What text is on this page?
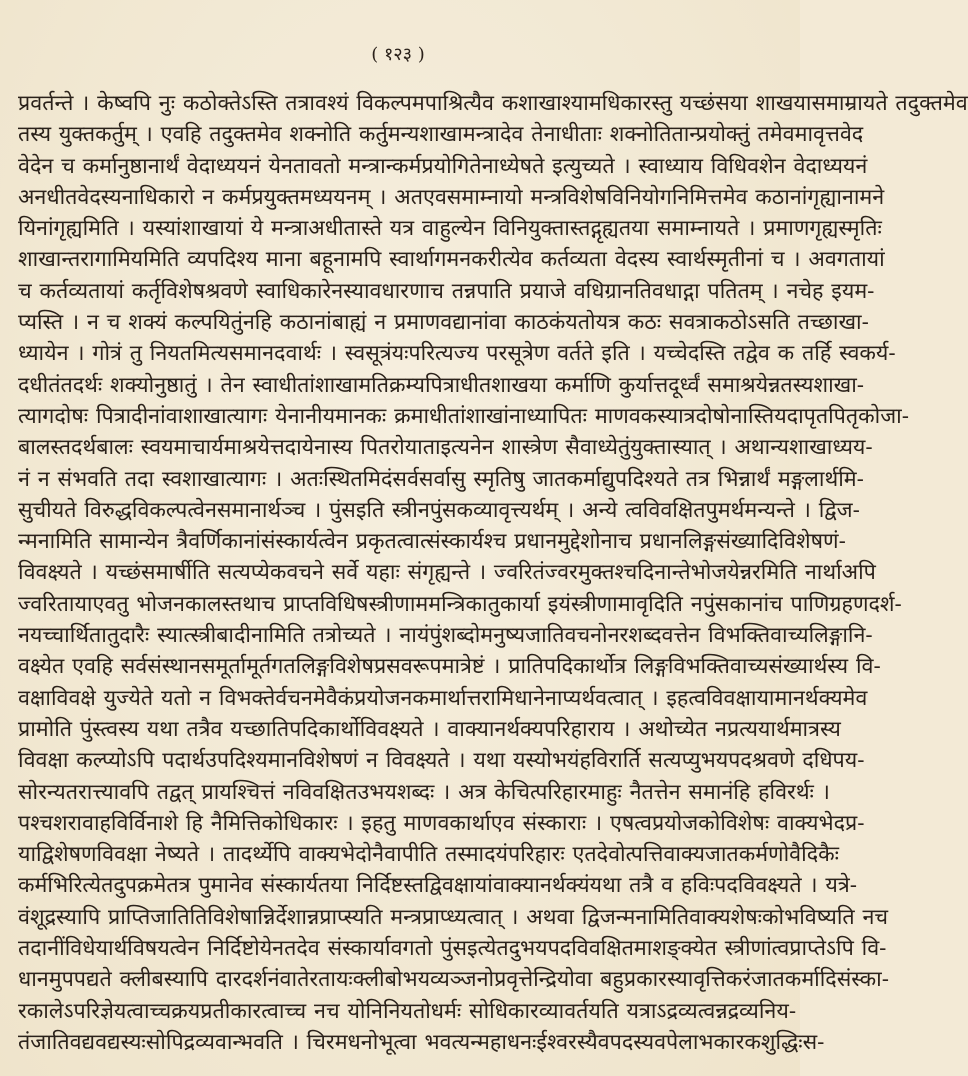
( १२३ )
प्रवर्तन्ते । केष्वपि नुः कठोक्तेऽस्ति तत्रावश्यं विकल्पमपाश्रित्यैव कशाखाश्यामधिकारस्तु यच्छंसया शाखयासमाम्रायते तदुक्तमेव
तस्य युक्तकर्तुम् । एवहि तदुक्तमेव शक्नोति कर्तुमन्यशाखामन्त्रादेव तेनाधीताः शक्नोतितान्प्रयोक्तुं तमेवमावृत्तवेद
वेदेन च कर्मानुष्ठानार्थं वेदाध्ययनं येनतावतो मन्त्रान्कर्मप्रयोगितेनाध्येषते इत्युच्यते । स्वाध्याय विधिवशेन वेदाध्ययनं
अनधीतवेदस्यनाधिकारो न कर्मप्रयुक्तमध्ययनम् । अतएवसमाम्नायो मन्त्रविशेषविनियोगनिमित्तमेव कठानांगृह्यानामने
यिनांगृह्यमिति । यस्यांशाखायां ये मन्त्राअधीतास्ते यत्र वाहुल्येन विनियुक्तास्तद्गृह्यतया समाम्नायते । प्रमाणगृह्यस्मृतिः
शाखान्तरागामियमिति व्यपदिश्य माना बहूनामपि स्वार्थागमनकरीत्येव कर्तव्यता वेदस्य स्वार्थस्मृतीनां च । अवगतायां
च कर्तव्यतायां कर्तृविशेषश्रवणे स्वाधिकारेनस्यावधारणाच तन्नपाति प्रयाजे वधिग्रानतिवधाद्गा पतितम् । नचेह इयम-
प्यस्ति । न च शक्यं कल्पयितुंनहि कठानांबाह्यं न प्रमाणवद्यानांवा काठकंयतोयत्र कठः सवत्राकठोऽसति तच्छाखा-
ध्यायेन । गोत्रं तु नियतमित्यसमानदवार्थः । स्वसूत्रंयःपरित्यज्य परसूत्रेण वर्तते इति । यच्चेदस्ति तद्वेव क तर्हि स्वकर्य-
दधीतंतदर्थः शक्योनुष्ठातुं । तेन स्वाधीतांशाखामतिक्रम्यपित्राधीतशाखया कर्माणि कुर्यात्तदूर्ध्वं समाश्रयेन्नतस्यशाखा-
त्यागदोषः पित्रादीनांवाशाखात्यागः येनानीयमानकः क्रमाधीतांशाखांनाध्यापितः माणवकस्यात्रदोषोनास्तियदापृतपितृकोजा-
बालस्तदर्थबालः स्वयमाचार्यमाश्रयेत्तदायेनास्य पितरोयाताइत्यनेन शास्त्रेण सैवाध्येतुंयुक्तास्यात् । अथान्यशाखाध्यय-
नं न संभवति तदा स्वशाखात्यागः । अतःस्थितमिदंसर्वसर्वासु स्मृतिषु जातकर्माद्युपदिश्यते तत्र भिन्नार्थं मङ्गलार्थमि-
सुचीयते विरुद्धविकल्पत्वेनसमानार्थञ्च । पुंसइति स्त्रीनपुंसकव्यावृत्त्यर्थम् । अन्ये त्वविवक्षितपुमर्थमन्यन्ते । द्विज-
न्मनामिति सामान्येन त्रैवर्णिकानांसंस्कार्यत्वेन प्रकृतत्वात्संस्कार्यश्च प्रधानमुद्देशोनाच प्रधानलिङ्गसंख्यादिविशेषणं-
विवक्ष्यते । यच्छंसमार्षीति सत्यप्येकवचने सर्वे यहाः संगृह्यन्ते । ज्वरितंज्वरमुक्तश्चदिनान्तेभोजयेन्नरमिति नार्थाअपि
ज्वरितायाएवतु भोजनकालस्तथाच प्राप्तविधिषस्त्रीणाममन्त्रिकातुकार्या इयंस्त्रीणामावृदिति नपुंसकानांच पाणिग्रहणदर्श-
नयच्चार्थितातुदारैः स्यात्स्त्रीबादीनामिति तत्रोच्यते । नायंपुंशब्दोमनुष्यजातिवचनोनरशब्दवत्तेन विभक्तिवाच्यलिङ्गानि-
वक्ष्येत एवहि सर्वसंस्थानसमूर्तामूर्तगतलिङ्गविशेषप्रसवरूपमात्रेष्टं । प्रातिपदिकार्थोत्र लिङ्गविभक्तिवाच्यसंख्यार्थस्य वि-
वक्षाविवक्षे युज्येते यतो न विभक्तेर्वचनमेवैकंप्रयोजनकमार्थात्तरामिधानेनाप्यर्थवत्वात् । इहत्वविवक्षायामानर्थक्यमेव
प्रामोति पुंस्त्वस्य यथा तत्रैव यच्छातिपदिकार्थोविवक्ष्यते । वाक्यानर्थक्यपरिहाराय । अथोच्येत नप्रत्ययार्थमात्रस्य
विवक्षा कल्प्योऽपि पदार्थउपदिश्यमानविशेषणं न विवक्ष्यते । यथा यस्योभयंहविरार्ति सत्यप्युभयपदश्रवणे दधिपय-
सोरन्यतरात्त्यावपि तद्वत् प्रायश्चित्तं नविवक्षितउभयशब्दः । अत्र केचित्परिहारमाहुः नैतत्तेन समानंहि हविरर्थः ।
पश्चशरावाहविर्विनाशे हि नैमित्तिकोधिकारः । इहतु माणवकार्थाएव संस्काराः । एषत्वप्रयोजकोविशेषः वाक्यभेदप्र-
याद्विशेषणविवक्षा नेष्यते । तादर्थ्येपि वाक्यभेदोनैवापीति तस्मादयंपरिहारः एतदेवोत्पत्तिवाक्यजातकर्मणोवैदिकैः
कर्मभिरित्येतदुपक्रमेतत्र पुमानेव संस्कार्यतया निर्दिष्टस्तद्विवक्षायांवाक्यानर्थक्यंयथा तत्रै व हविःपदविवक्ष्यते । यत्रे-
वंशूद्रस्यापि प्राप्तिजातितिविशेषान्निर्देशान्नप्राप्स्यति मन्त्रप्राप्ध्यत्वात् । अथवा द्विजन्मनामितिवाक्यशेषःकोभविष्यति नच
तदानींविधेयार्थविषयत्वेन निर्दिष्टोयेनतदेव संस्कार्यावगतो पुंसइत्येतदुभयपदविवक्षितमाशङ्क्येत स्त्रीणांत्वप्राप्तेऽपि वि-
धानमुपपद्यते क्लीबस्यापि दारदर्शनंवातेरतायःक्लीबोभयव्यञ्जनोप्रवृत्तेन्द्रियोवा बहुप्रकारस्यावृत्तिकरंजातकर्मादिसंस्का-
रकालेऽपरिज्ञेयत्वाच्चक्रयप्रतीकारत्वाच्च नच योनिनियतोधर्मः सोधिकारव्यावर्तयति यत्राऽद्रव्यत्वन्नद्रव्यनिय-
तंजातिवद्यवद्यस्यःसोपिद्रव्यवान्भवति । चिरमधनोभूत्वा भवत्यन्महाधनःईश्वरस्यैवपदस्यवपेलाभकारकशुद्धिःस-
